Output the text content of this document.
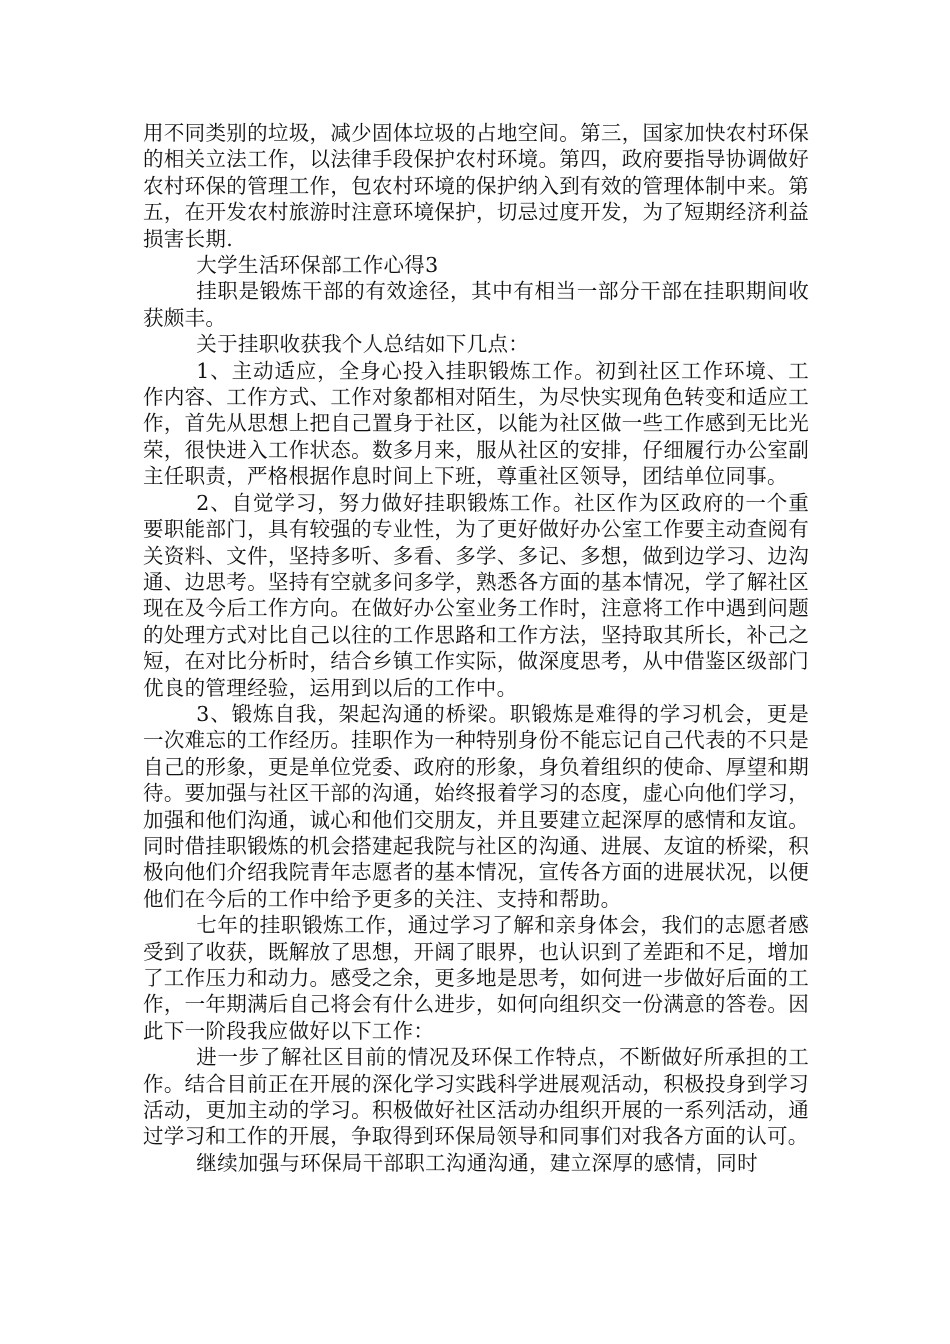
用不同类别的垃圾，减少固体垃圾的占地空间。第三，国家加快农村环保的相关立法工作，以法律手段保护农村环境。第四，政府要指导协调做好农村环保的管理工作，包农村环境的保护纳入到有效的管理体制中来。第五，在开发农村旅游时注意环境保护，切忌过度开发，为了短期经济利益损害长期.

大学生活环保部工作心得3

挂职是锻炼干部的有效途径，其中有相当一部分干部在挂职期间收获颇丰。

关于挂职收获我个人总结如下几点：

1、主动适应，全身心投入挂职锻炼工作。初到社区工作环境、工作内容、工作方式、工作对象都相对陌生，为尽快实现角色转变和适应工作，首先从思想上把自己置身于社区，以能为社区做一些工作感到无比光荣，很快进入工作状态。数多月来，服从社区的安排，仔细履行办公室副主任职责，严格根据作息时间上下班，尊重社区领导，团结单位同事。

2、自觉学习，努力做好挂职锻炼工作。社区作为区政府的一个重要职能部门，具有较强的专业性，为了更好做好办公室工作要主动查阅有关资料、文件，坚持多听、多看、多学、多记、多想，做到边学习、边沟通、边思考。坚持有空就多问多学，熟悉各方面的基本情况，学了解社区现在及今后工作方向。在做好办公室业务工作时，注意将工作中遇到问题的处理方式对比自己以往的工作思路和工作方法，坚持取其所长，补己之短，在对比分析时，结合乡镇工作实际，做深度思考，从中借鉴区级部门优良的管理经验，运用到以后的工作中。

3、锻炼自我，架起沟通的桥梁。职锻炼是难得的学习机会，更是一次难忘的工作经历。挂职作为一种特别身份不能忘记自己代表的不只是自己的形象，更是单位党委、政府的形象，身负着组织的使命、厚望和期待。要加强与社区干部的沟通，始终报着学习的态度，虚心向他们学习，加强和他们沟通，诚心和他们交朋友，并且要建立起深厚的感情和友谊。同时借挂职锻炼的机会搭建起我院与社区的沟通、进展、友谊的桥梁，积极向他们介绍我院青年志愿者的基本情况，宣传各方面的进展状况，以便他们在今后的工作中给予更多的关注、支持和帮助。

七年的挂职锻炼工作，通过学习了解和亲身体会，我们的志愿者感受到了收获，既解放了思想，开阔了眼界，也认识到了差距和不足，增加了工作压力和动力。感受之余，更多地是思考，如何进一步做好后面的工作，一年期满后自己将会有什么进步，如何向组织交一份满意的答卷。因此下一阶段我应做好以下工作：

进一步了解社区目前的情况及环保工作特点，不断做好所承担的工作。结合目前正在开展的深化学习实践科学进展观活动，积极投身到学习活动，更加主动的学习。积极做好社区活动办组织开展的一系列活动，通过学习和工作的开展，争取得到环保局领导和同事们对我各方面的认可。

继续加强与环保局干部职工沟通沟通，建立深厚的感情，同时
